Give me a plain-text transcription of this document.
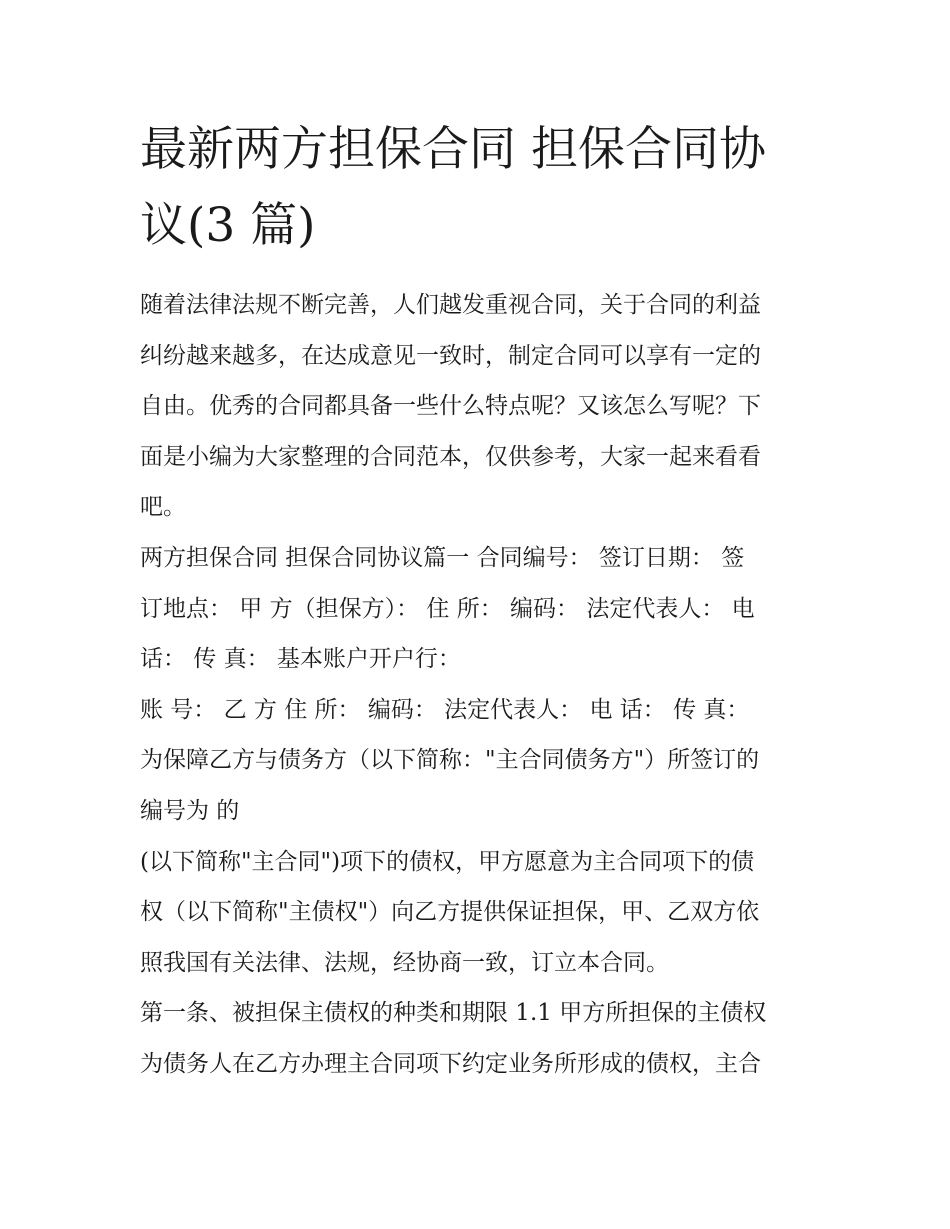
最新两方担保合同 担保合同协
议(3 篇)

随着法律法规不断完善，人们越发重视合同，关于合同的利益
纠纷越来越多，在达成意见一致时，制定合同可以享有一定的
自由。优秀的合同都具备一些什么特点呢？又该怎么写呢？下
面是小编为大家整理的合同范本，仅供参考，大家一起来看看
吧。

两方担保合同 担保合同协议篇一 合同编号： 签订日期： 签
订地点： 甲 方（担保方）： 住 所： 编码： 法定代表人： 电
话： 传 真： 基本账户开户行：

账 号： 乙 方 住 所： 编码： 法定代表人： 电 话： 传 真：

为保障乙方与债务方（以下简称："主合同债务方"）所签订的
编号为 的

(以下简称"主合同")项下的债权，甲方愿意为主合同项下的债
权（以下简称"主债权"）向乙方提供保证担保，甲、乙双方依
照我国有关法律、法规，经协商一致，订立本合同。

第一条、被担保主债权的种类和期限 1.1 甲方所担保的主债权
为债务人在乙方办理主合同项下约定业务所形成的债权，主合
